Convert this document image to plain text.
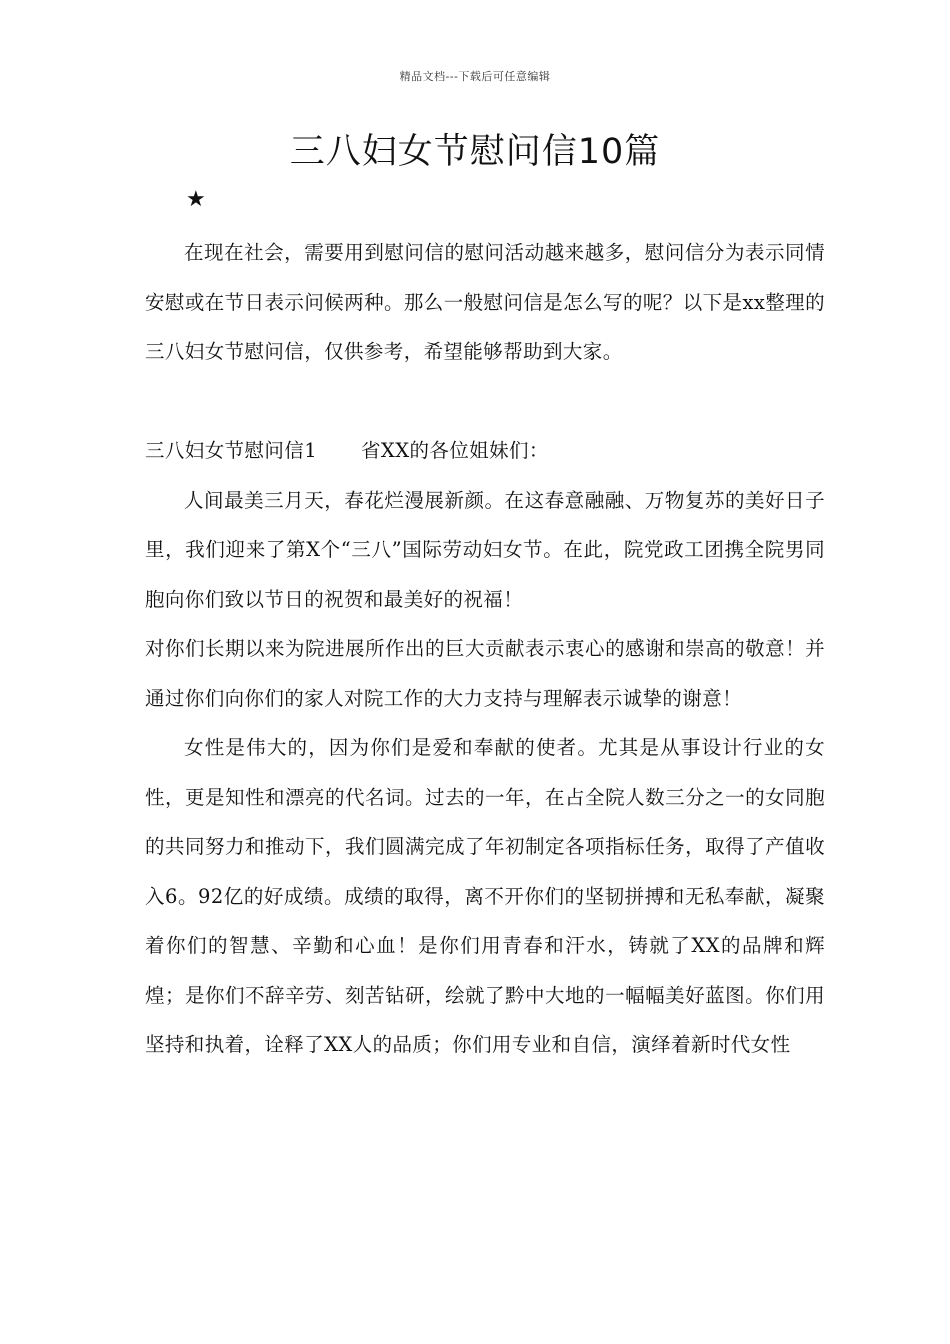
精品文档---下载后可任意编辑
三八妇女节慰问信10篇
★

在现在社会，需要用到慰问信的慰问活动越来越多，慰问信分为表示同情安慰或在节日表示问候两种。那么一般慰问信是怎么写的呢？以下是xx整理的三八妇女节慰问信，仅供参考，希望能够帮助到大家。

三八妇女节慰问信1 省XX的各位姐妹们：

人间最美三月天，春花烂漫展新颜。在这春意融融、万物复苏的美好日子里，我们迎来了第X个“三八”国际劳动妇女节。在此，院党政工团携全院男同胞向你们致以节日的祝贺和最美好的祝福！

对你们长期以来为院进展所作出的巨大贡献表示衷心的感谢和崇高的敬意！并通过你们向你们的家人对院工作的大力支持与理解表示诚挚的谢意！

女性是伟大的，因为你们是爱和奉献的使者。尤其是从事设计行业的女性，更是知性和漂亮的代名词。过去的一年，在占全院人数三分之一的女同胞的共同努力和推动下，我们圆满完成了年初制定各项指标任务，取得了产值收入6。92亿的好成绩。成绩的取得，离不开你们的坚韧拼搏和无私奉献，凝聚着你们的智慧、辛勤和心血！是你们用青春和汗水，铸就了XX的品牌和辉煌；是你们不辞辛劳、刻苦钻研，绘就了黔中大地的一幅幅美好蓝图。你们用坚持和执着，诠释了XX人的品质；你们用专业和自信，演绎着新时代女性
